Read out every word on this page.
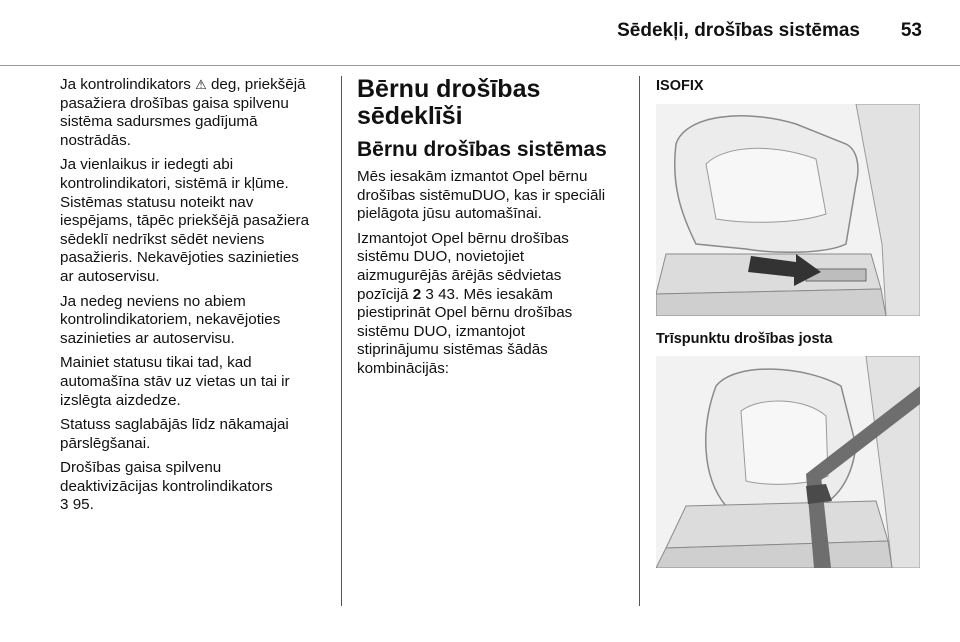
Sēdekļi, drošības sistēmas 53

Ja kontrolindikators ⚠ deg, priekšējā
pasažiera drošības gaisa spilvenu
sistēma sadursmes gadījumā
nostrādās.

Ja vienlaikus ir iedegti abi
kontrolindikatori, sistēmā ir kļūme.
Sistēmas statusu noteikt nav
iespējams, tāpēc priekšējā pasažiera
sēdeklī nedrīkst sēdēt neviens
pasažieris. Nekavējoties sazinieties
ar autoservisu.

Ja nedeg neviens no abiem
kontrolindikatoriem, nekavējoties
sazinieties ar autoservisu.

Mainiet statusu tikai tad, kad
automašīna stāv uz vietas un tai ir
izslēgta aizdedze.

Statuss saglabājās līdz nākamajai
pārslēgšanai.

Drošības gaisa spilvenu
deaktivizācijas kontrolindikators
3 95.

Bērnu drošības
sēdeklīši
Bērnu drošības sistēmas

Mēs iesakām izmantot Opel bērnu
drošības sistēmuDUO, kas ir speciāli
pielāgota jūsu automašīnai.

Izmantojot Opel bērnu drošības
sistēmu DUO, novietojiet
aizmugurējās ārējās sēdvietas
pozīcijā 2 3 43. Mēs iesakām
piestiprināt Opel bērnu drošības
sistēmu DUO, izmantojot
stiprinājumu sistēmas šādās
kombinācijās:

ISOFIX
Trīspunktu drošības josta
